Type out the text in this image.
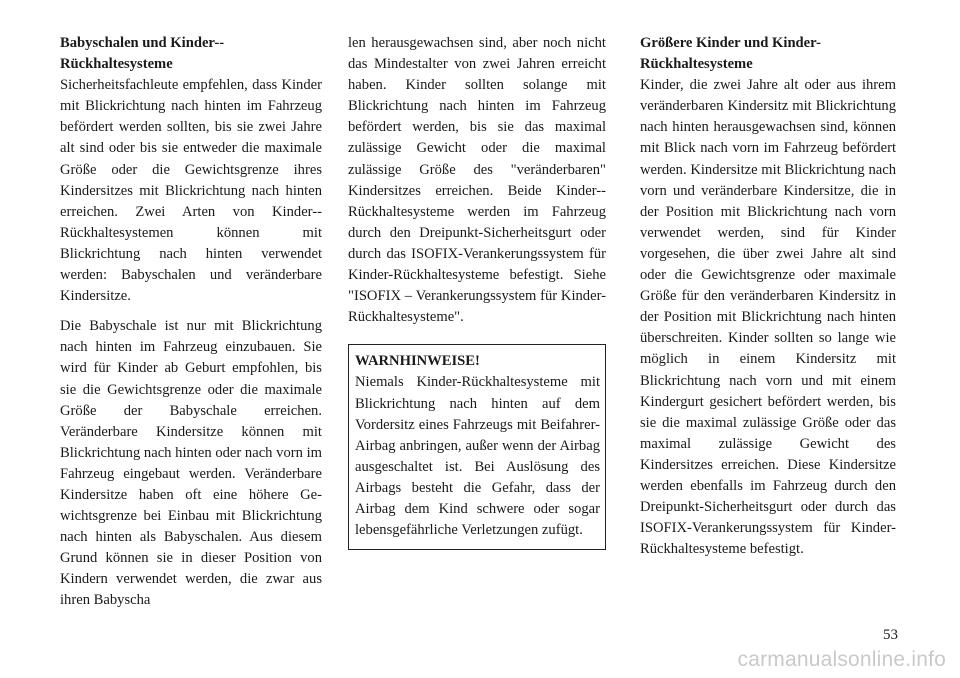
Babyschalen und Kinder-Rückhaltesysteme

Sicherheitsfachleute empfehlen, dass Kinder mit Blickrichtung nach hinten im Fahrzeug befördert werden sollten, bis sie zwei Jahre alt sind oder bis sie entweder die maximale Größe oder die Gewichtsgrenze ihres Kindersitzes mit Blickrichtung nach hinten erreichen. Zwei Arten von Kinder-Rückhaltesystemen können mit Blickrichtung nach hinten verwendet werden: Babyschalen und veränderbare Kindersitze.

Die Babyschale ist nur mit Blickrichtung nach hinten im Fahrzeug einzubauen. Sie wird für Kinder ab Geburt empfohlen, bis sie die Gewichtsgrenze oder die maximale Größe der Babyschale erreichen. Veränderbare Kindersitze können mit Blickrichtung nach hinten oder nach vorn im Fahrzeug eingebaut werden. Veränderbare Kindersitze haben oft eine höhere Gewichtsgrenze bei Einbau mit Blickrichtung nach hinten als Babyschalen. Aus diesem Grund können sie in dieser Position von Kindern verwendet werden, die zwar aus ihren Babyscha

len herausgewachsen sind, aber noch nicht das Mindestalter von zwei Jahren erreicht haben. Kinder sollten solange mit Blickrichtung nach hinten im Fahrzeug befördert werden, bis sie das maximal zulässige Gewicht oder die maximal zulässige Größe des "veränderbaren" Kindersitzes erreichen. Beide Kinder-Rückhaltesysteme werden im Fahrzeug durch den Dreipunkt-Sicherheitsgurt oder durch das ISOFIX-Verankerungssystem für Kinder-Rückhaltesysteme befestigt. Siehe "ISOFIX – Verankerungssystem für Kinder-Rückhaltesysteme".

WARNHINWEISE!

Niemals Kinder-Rückhaltesysteme mit Blickrichtung nach hinten auf dem Vordersitz eines Fahrzeugs mit Beifahrer-Airbag anbringen, außer wenn der Airbag ausgeschaltet ist. Bei Auslösung des Airbags besteht die Gefahr, dass der Airbag dem Kind schwere oder sogar lebensgefährliche Verletzungen zufügt.

Größere Kinder und Kinder-Rückhaltesysteme

Kinder, die zwei Jahre alt oder aus ihrem veränderbaren Kindersitz mit Blickrichtung nach hinten herausgewachsen sind, können mit Blick nach vorn im Fahrzeug befördert werden. Kindersitze mit Blickrichtung nach vorn und veränderbare Kindersitze, die in der Position mit Blickrichtung nach vorn verwendet werden, sind für Kinder vorgesehen, die über zwei Jahre alt sind oder die Gewichtsgrenze oder maximale Größe für den veränderbaren Kindersitz in der Position mit Blickrichtung nach hinten überschreiten. Kinder sollten so lange wie möglich in einem Kindersitz mit Blickrichtung nach vorn und mit einem Kindergurt gesichert befördert werden, bis sie die maximal zulässige Größe oder das maximal zulässige Gewicht des Kindersitzes erreichen. Diese Kindersitze werden ebenfalls im Fahrzeug durch den Dreipunkt-Sicherheitsgurt oder durch das ISOFIX-Verankerungssystem für Kinder-Rückhaltesysteme befestigt.

53
carmanualsonline.info
